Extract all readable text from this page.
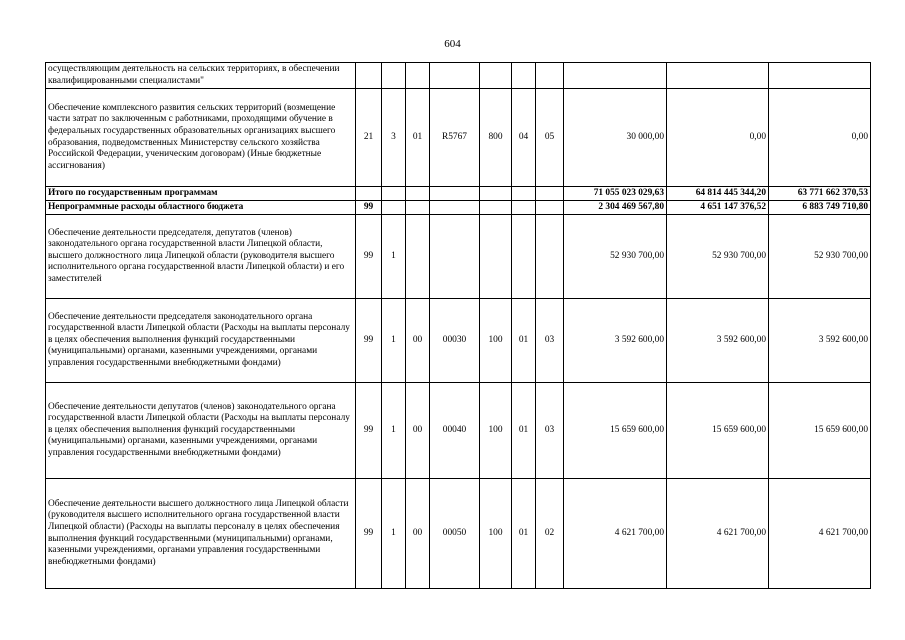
604
осуществляющим деятельность на сельских территориях, в обеспечении квалифицированными специалистами"										
Обеспечение комплексного развития сельских территорий (возмещение части затрат по заключенным с работниками, проходящими обучение в федеральных государственных образовательных организациях высшего образования, подведомственных Министерству сельского хозяйства Российской Федерации, ученическим договорам) (Иные бюджетные ассигнования)	21	3	01	R5767	800	04	05	30 000,00	0,00	0,00
Итого по государственным программам								71 055 023 029,63	64 814 445 344,20	63 771 662 370,53
Непрограммные расходы областного бюджета	99							2 304 469 567,80	4 651 147 376,52	6 883 749 710,80
Обеспечение деятельности председателя, депутатов (членов) законодательного органа государственной власти Липецкой области, высшего должностного лица Липецкой области (руководителя высшего исполнительного органа государственной власти Липецкой области) и его заместителей	99	1						52 930 700,00	52 930 700,00	52 930 700,00
Обеспечение деятельности председателя законодательного органа государственной власти Липецкой области (Расходы на выплаты персоналу в целях обеспечения выполнения функций государственными (муниципальными) органами, казенными учреждениями, органами управления государственными внебюджетными фондами)	99	1	00	00030	100	01	03	3 592 600,00	3 592 600,00	3 592 600,00
Обеспечение деятельности депутатов (членов) законодательного органа государственной власти Липецкой области (Расходы на выплаты персоналу в целях обеспечения выполнения функций государственными (муниципальными) органами, казенными учреждениями, органами управления государственными внебюджетными фондами)	99	1	00	00040	100	01	03	15 659 600,00	15 659 600,00	15 659 600,00
Обеспечение деятельности высшего должностного лица Липецкой области (руководителя высшего исполнительного органа государственной власти Липецкой области) (Расходы на выплаты персоналу в целях обеспечения выполнения функций государственными (муниципальными) органами, казенными учреждениями, органами управления государственными внебюджетными фондами)	99	1	00	00050	100	01	02	4 621 700,00	4 621 700,00	4 621 700,00
